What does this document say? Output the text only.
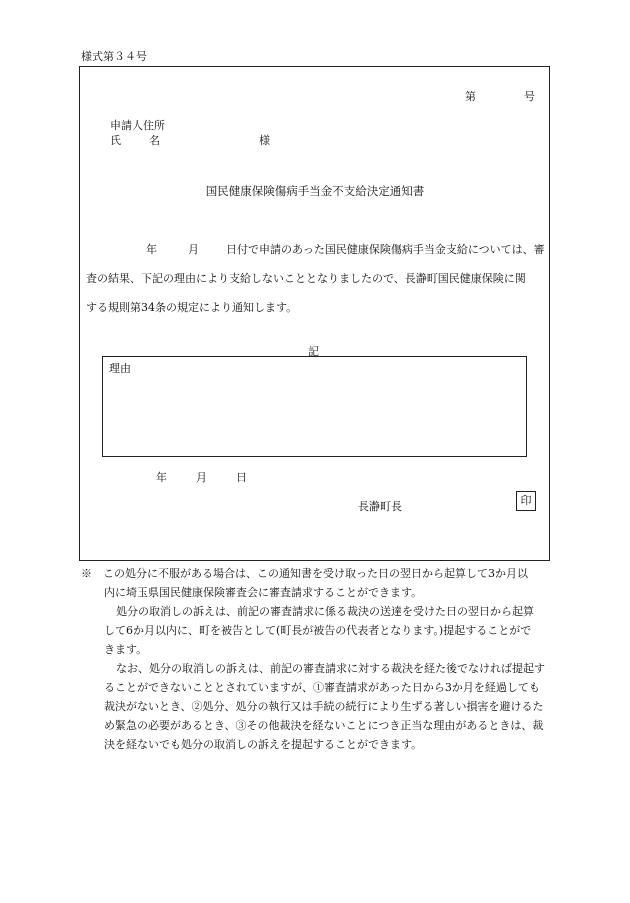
様式第３４号
第	号
申請人住所
氏	名	様
国民健康保険傷病手当金不支給決定通知書
年	月 日付で申請のあった国民健康保険傷病手当金支給については、審
査の結果、下記の理由により支給しないこととなりましたので、長瀞町国民健康保険に関
する規則第34条の規定により通知します。
記
理由
年	月	日
長瀞町長	印
※　この処分に不服がある場合は、この通知書を受け取った日の翌日から起算して3か月以
内に埼玉県国民健康保険審査会に審査請求することができます。
処分の取消しの訴えは、前記の審査請求に係る裁決の送達を受けた日の翌日から起算
して6か月以内に、町を被告として(町長が被告の代表者となります。)提起することがで
きます。
なお、処分の取消しの訴えは、前記の審査請求に対する裁決を経た後でなければ提起す
ることができないこととされていますが、①審査請求があった日から3か月を経過しても
裁決がないとき、②処分、処分の執行又は手続の続行により生ずる著しい損害を避けるた
め緊急の必要があるとき、③その他裁決を経ないことにつき正当な理由があるときは、裁
決を経ないでも処分の取消しの訴えを提起することができます。
